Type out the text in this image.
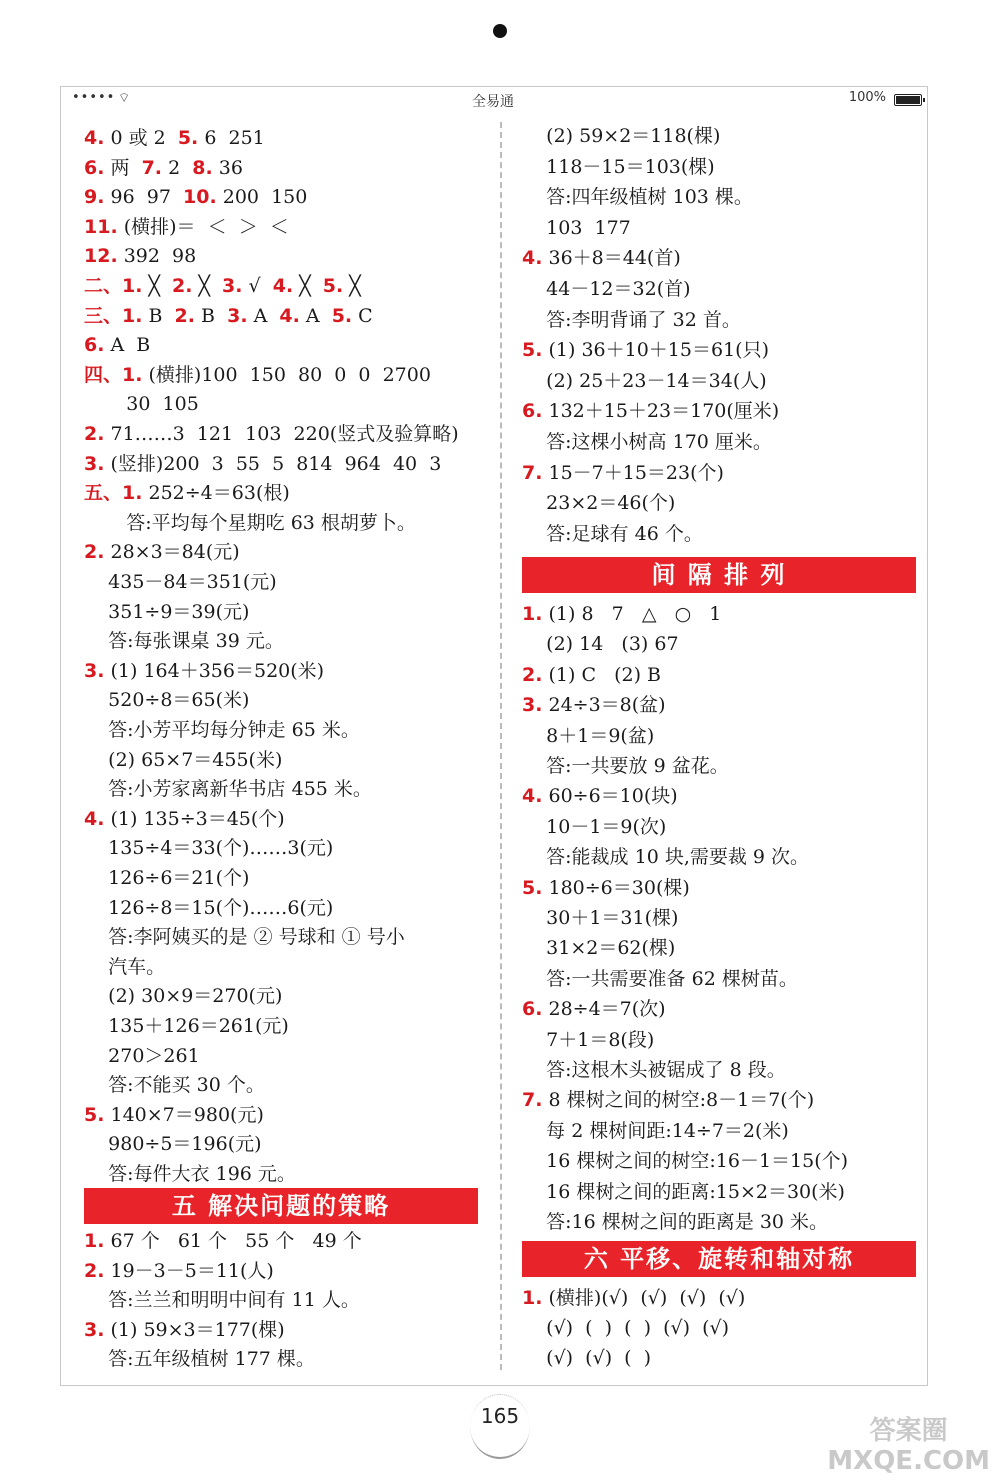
••••• ⌔	全易通	100%
4. 0 或 2  5. 6  251
6. 两  7. 2  8. 36
9. 96  97  10. 200  150
11. (横排)＝  ＜  ＞  ＜
12. 392  98
二、1. ╳  2. ╳  3. √  4. ╳  5. ╳
三、1. B  2. B  3. A  4. A  5. C
6. A  B
四、1. (横排)100  150  80  0  0  2700
30  105
2. 71……3  121  103  220(竖式及验算略)
3. (竖排)200  3  55  5  814  964  40  3
五、1. 252÷4＝63(根)
答:平均每个星期吃 63 根胡萝卜。
2. 28×3＝84(元)
435－84＝351(元)
351÷9＝39(元)
答:每张课桌 39 元。
3. (1) 164＋356＝520(米)
520÷8＝65(米)
答:小芳平均每分钟走 65 米。
(2) 65×7＝455(米)
答:小芳家离新华书店 455 米。
4. (1) 135÷3＝45(个)
135÷4＝33(个)……3(元)
126÷6＝21(个)
126÷8＝15(个)……6(元)
答:李阿姨买的是 ② 号球和 ① 号小
汽车。
(2) 30×9＝270(元)
135＋126＝261(元)
270＞261
答:不能买 30 个。
5. 140×7＝980(元)
980÷5＝196(元)
答:每件大衣 196 元。
1. 67 个   61 个   55 个   49 个
2. 19－3－5＝11(人)
答:兰兰和明明中间有 11 人。
3. (1) 59×3＝177(棵)
答:五年级植树 177 棵。
(2) 59×2＝118(棵)
118－15＝103(棵)
答:四年级植树 103 棵。
103  177
4. 36＋8＝44(首)
44－12＝32(首)
答:李明背诵了 32 首。
5. (1) 36＋10＋15＝61(只)
(2) 25＋23－14＝34(人)
6. 132＋15＋23＝170(厘米)
答:这棵小树高 170 厘米。
7. 15－7＋15＝23(个)
23×2＝46(个)
答:足球有 46 个。
1. (1) 8   7   △   ○   1
(2) 14   (3) 67
2. (1) C   (2) B
3. 24÷3＝8(盆)
8＋1＝9(盆)
答:一共要放 9 盆花。
4. 60÷6＝10(块)
10－1＝9(次)
答:能裁成 10 块,需要裁 9 次。
5. 180÷6＝30(棵)
30＋1＝31(棵)
31×2＝62(棵)
答:一共需要准备 62 棵树苗。
6. 28÷4＝7(次)
7＋1＝8(段)
答:这根木头被锯成了 8 段。
7. 8 棵树之间的树空:8－1＝7(个)
每 2 棵树间距:14÷7＝2(米)
16 棵树之间的树空:16－1＝15(个)
16 棵树之间的距离:15×2＝30(米)
答:16 棵树之间的距离是 30 米。
1. (横排)(√)  (√)  (√)  (√)
(√)  (  )  (  )  (√)  (√)
(√)  (√)  (  )
五 解决问题的策略
间 隔 排 列
六 平移、旋转和轴对称
165	答案圈
MXQE.COM
